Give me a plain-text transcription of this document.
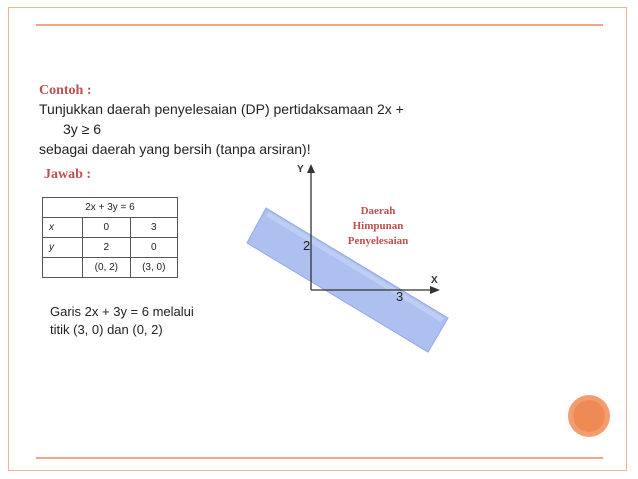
Contoh :
Tunjukkan daerah penyelesaian (DP) pertidaksamaan 2x +
3y ≥ 6
sebagai daerah yang bersih (tanpa arsiran)!
Jawab :
2x + 3y = 6		
x	0	3
y	2	0
	(0, 2)	(3, 0)
Garis 2x + 3y = 6 melalui
titik (3, 0) dan (0, 2)
Y
X
2
3
Daerah
Himpunan
Penyelesaian
